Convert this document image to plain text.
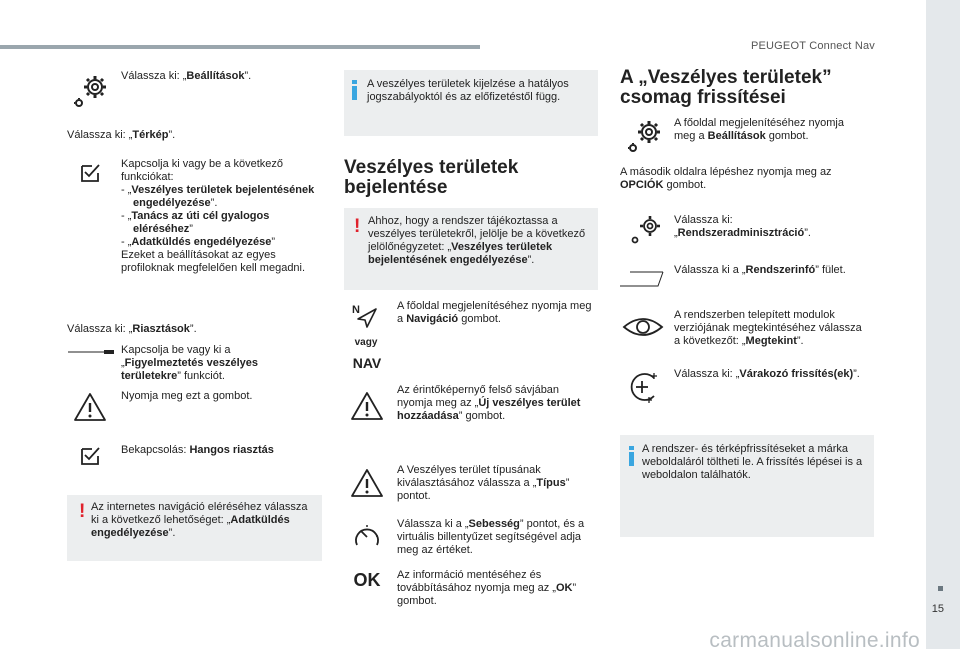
PEUGEOT Connect Nav
15
carmanualsonline.info
Válassza ki: „Beállítások”.
Válassza ki: „Térkép”.
Kapcsolja ki vagy be a következő funkciókat:
- „Veszélyes területek bejelentésének engedélyezése”.
- „Tanács az úti cél gyalogos eléréséhez”
- „Adatküldés engedélyezése”
Ezeket a beállításokat az egyes profiloknak megfelelően kell megadni.
Válassza ki: „Riasztások”.
Kapcsolja be vagy ki a „Figyelmeztetés veszélyes területekre” funkciót.
Nyomja meg ezt a gombot.
Bekapcsolás: Hangos riasztás
! Az internetes navigáció eléréséhez válassza ki a következő lehetőséget: „Adatküldés engedélyezése”.
A veszélyes területek kijelzése a hatályos jogszabályoktól és az előfizetéstől függ.
Veszélyes területek bejelentése
! Ahhoz, hogy a rendszer tájékoztassa a veszélyes területekről, jelölje be a következő jelölőnégyzetet: „Veszélyes területek bejelentésének engedélyezése”.
N
vagy
NAV
A főoldal megjelenítéséhez nyomja meg a Navigáció gombot.
Az érintőképernyő felső sávjában nyomja meg az „Új veszélyes terület hozzáadása” gombot.
A Veszélyes terület típusának kiválasztásához válassza a „Típus” pontot.
Válassza ki a „Sebesség” pontot, és a virtuális billentyűzet segítségével adja meg az értéket.
OK	Az információ mentéséhez és továbbításához nyomja meg az „OK” gombot.
A „Veszélyes területek” csomag frissítései
A főoldal megjelenítéséhez nyomja meg a Beállítások gombot.
A második oldalra lépéshez nyomja meg az OPCIÓK gombot.
Válassza ki: „Rendszeradminisztráció”.
Válassza ki a „Rendszerinfó” fület.
A rendszerben telepített modulok verziójának megtekintéséhez válassza a következőt: „Megtekint”.
Válassza ki: „Várakozó frissítés(ek)”.
A rendszer- és térképfrissítéseket a márka weboldaláról töltheti le. A frissítés lépései is a weboldalon találhatók.
